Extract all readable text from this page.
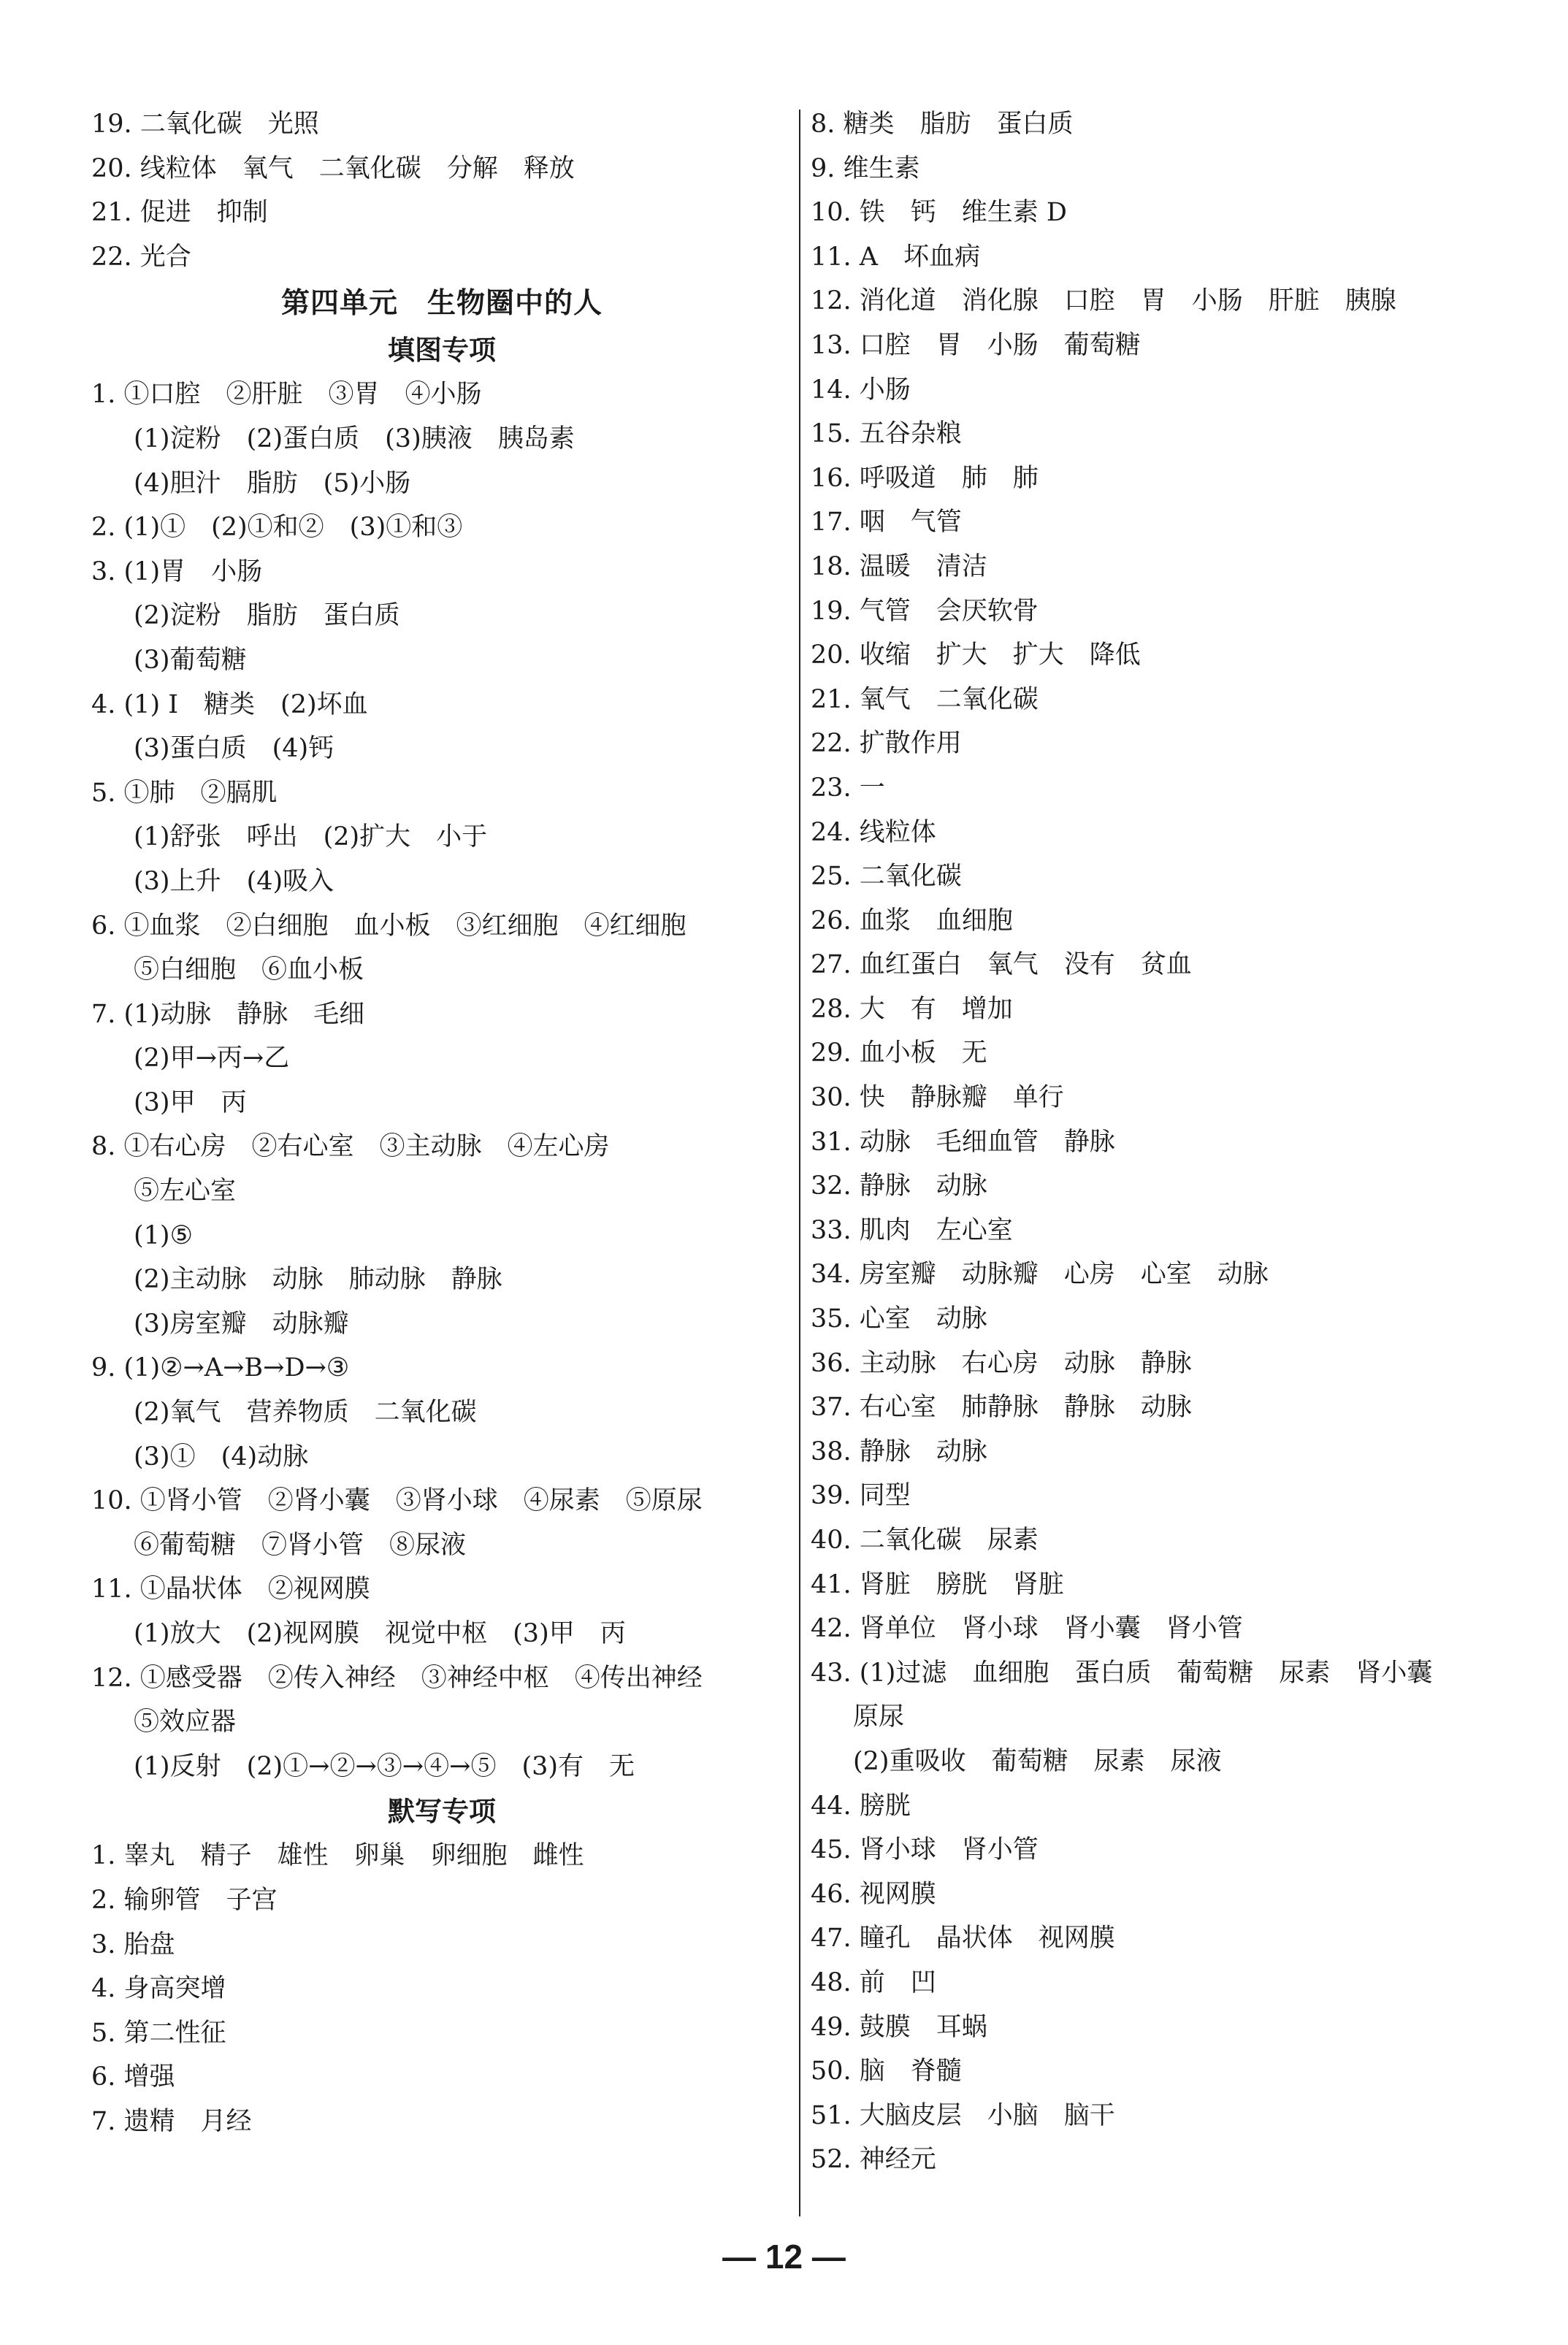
19. 二氧化碳　光照
20. 线粒体　氧气　二氧化碳　分解　释放
21. 促进　抑制
22. 光合
第四单元　生物圈中的人
填图专项
1. ①口腔　②肝脏　③胃　④小肠
(1)淀粉　(2)蛋白质　(3)胰液　胰岛素
(4)胆汁　脂肪　(5)小肠
2. (1)①　(2)①和②　(3)①和③
3. (1)胃　小肠
(2)淀粉　脂肪　蛋白质
(3)葡萄糖
4. (1) Ⅰ　糖类　(2)坏血
(3)蛋白质　(4)钙
5. ①肺　②膈肌
(1)舒张　呼出　(2)扩大　小于
(3)上升　(4)吸入
6. ①血浆　②白细胞　血小板　③红细胞　④红细胞
⑤白细胞　⑥血小板
7. (1)动脉　静脉　毛细
(2)甲→丙→乙
(3)甲　丙
8. ①右心房　②右心室　③主动脉　④左心房
⑤左心室
(1)⑤
(2)主动脉　动脉　肺动脉　静脉
(3)房室瓣　动脉瓣
9. (1)②→A→B→D→③
(2)氧气　营养物质　二氧化碳
(3)①　(4)动脉
10. ①肾小管　②肾小囊　③肾小球　④尿素　⑤原尿
⑥葡萄糖　⑦肾小管　⑧尿液
11. ①晶状体　②视网膜
(1)放大　(2)视网膜　视觉中枢　(3)甲　丙
12. ①感受器　②传入神经　③神经中枢　④传出神经
⑤效应器
(1)反射　(2)①→②→③→④→⑤　(3)有　无
默写专项
1. 睾丸　精子　雄性　卵巢　卵细胞　雌性
2. 输卵管　子宫
3. 胎盘
4. 身高突增
5. 第二性征
6. 增强
7. 遗精　月经
8. 糖类　脂肪　蛋白质
9. 维生素
10. 铁　钙　维生素 D
11. A　坏血病
12. 消化道　消化腺　口腔　胃　小肠　肝脏　胰腺
13. 口腔　胃　小肠　葡萄糖
14. 小肠
15. 五谷杂粮
16. 呼吸道　肺　肺
17. 咽　气管
18. 温暖　清洁
19. 气管　会厌软骨
20. 收缩　扩大　扩大　降低
21. 氧气　二氧化碳
22. 扩散作用
23. 一
24. 线粒体
25. 二氧化碳
26. 血浆　血细胞
27. 血红蛋白　氧气　没有　贫血
28. 大　有　增加
29. 血小板　无
30. 快　静脉瓣　单行
31. 动脉　毛细血管　静脉
32. 静脉　动脉
33. 肌肉　左心室
34. 房室瓣　动脉瓣　心房　心室　动脉
35. 心室　动脉
36. 主动脉　右心房　动脉　静脉
37. 右心室　肺静脉　静脉　动脉
38. 静脉　动脉
39. 同型
40. 二氧化碳　尿素
41. 肾脏　膀胱　肾脏
42. 肾单位　肾小球　肾小囊　肾小管
43. (1)过滤　血细胞　蛋白质　葡萄糖　尿素　肾小囊
原尿
(2)重吸收　葡萄糖　尿素　尿液
44. 膀胱
45. 肾小球　肾小管
46. 视网膜
47. 瞳孔　晶状体　视网膜
48. 前　凹
49. 鼓膜　耳蜗
50. 脑　脊髓
51. 大脑皮层　小脑　脑干
52. 神经元
— 12 —
